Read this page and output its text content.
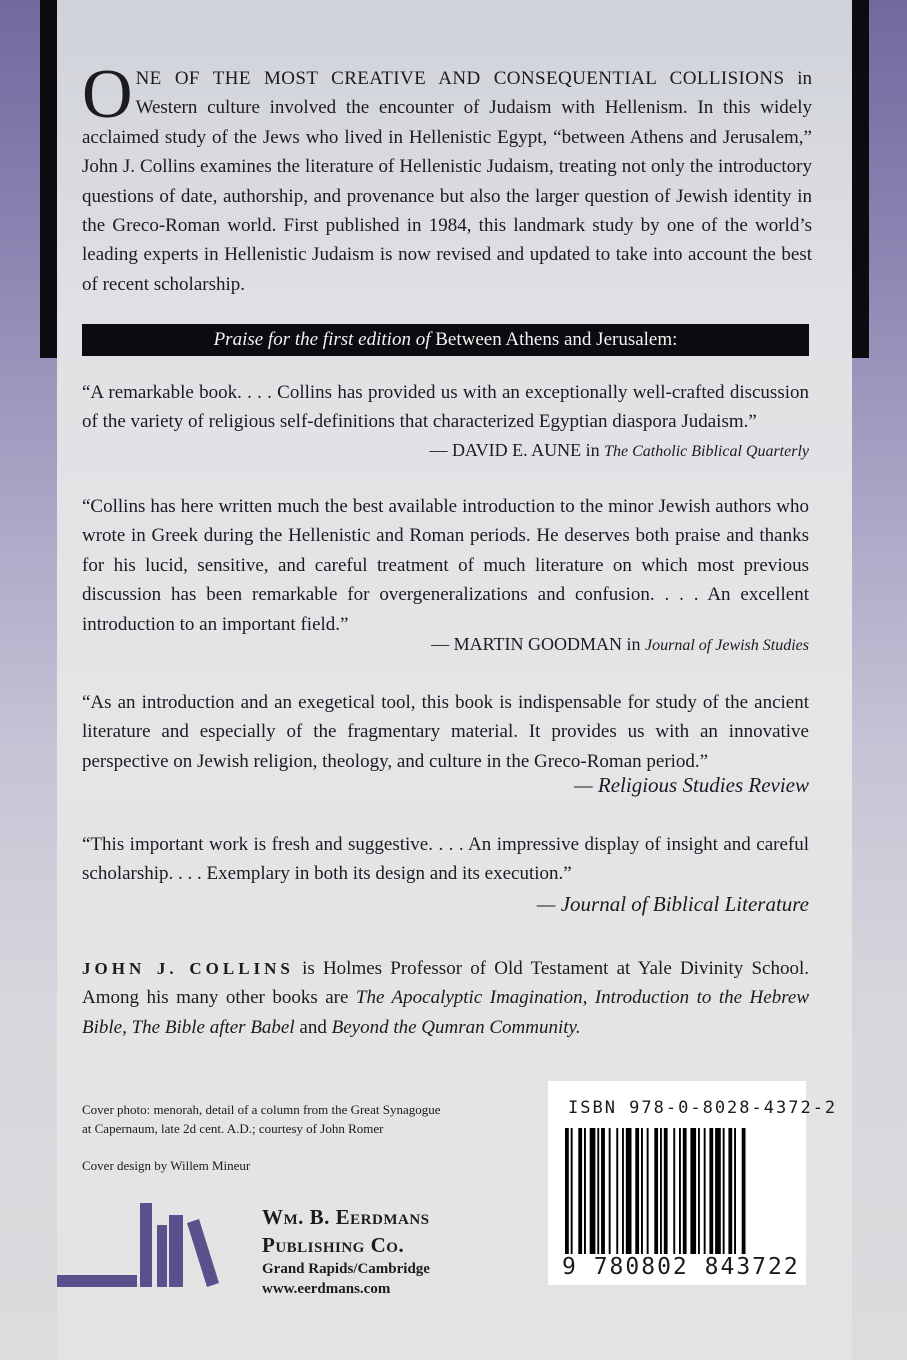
ONE OF THE MOST CREATIVE AND CONSEQUENTIAL COLLISIONS in Western culture involved the encounter of Judaism with Hellenism. In this widely acclaimed study of the Jews who lived in Hellenistic Egypt, “between Athens and Jerusalem,” John J. Collins examines the literature of Hellenistic Judaism, treating not only the introductory questions of date, authorship, and provenance but also the larger question of Jewish identity in the Greco-Roman world. First published in 1984, this landmark study by one of the world’s leading experts in Hellenistic Judaism is now revised and updated to take into account the best of recent scholarship.

Praise for the first edition of Between Athens and Jerusalem:

“A remarkable book. . . . Collins has provided us with an exceptionally well-crafted discussion of the variety of religious self-definitions that characterized Egyptian diaspora Judaism.”

— DAVID E. AUNE in The Catholic Biblical Quarterly

“Collins has here written much the best available introduction to the minor Jewish authors who wrote in Greek during the Hellenistic and Roman periods. He deserves both praise and thanks for his lucid, sensitive, and careful treatment of much literature on which most previous discussion has been remarkable for overgeneralizations and confusion. . . . An excellent introduction to an important field.”

— MARTIN GOODMAN in Journal of Jewish Studies

“As an introduction and an exegetical tool, this book is indispensable for study of the ancient literature and especially of the fragmentary material. It provides us with an innovative perspective on Jewish religion, theology, and culture in the Greco-Roman period.”

— Religious Studies Review

“This important work is fresh and suggestive. . . . An impressive display of insight and careful scholarship. . . . Exemplary in both its design and its execution.”

— Journal of Biblical Literature

JOHN J. COLLINS is Holmes Professor of Old Testament at Yale Divinity School. Among his many other books are The Apocalyptic Imagination, Introduction to the Hebrew Bible, The Bible after Babel and Beyond the Qumran Community.

Cover photo: menorah, detail of a column from the Great Synagogue
at Capernaum, late 2d cent. A.D.; courtesy of John Romer

Cover design by Willem Mineur

Wm. B. Eerdmans
Publishing Co.
Grand Rapids/Cambridge
www.eerdmans.com

ISBN 978-0-8028-4372-2

9 780802 843722
